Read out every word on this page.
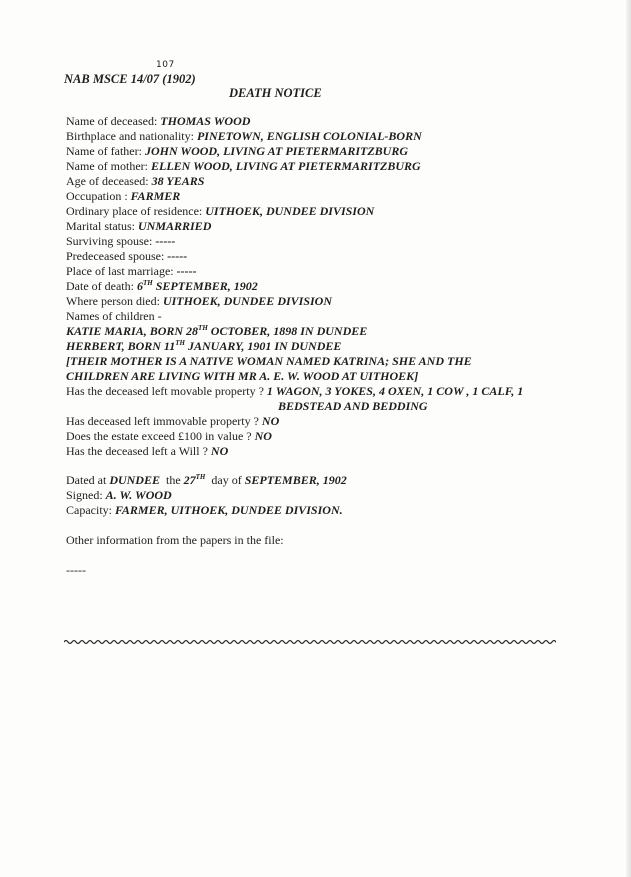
107
NAB MSCE 14/07 (1902)
DEATH NOTICE
Name of deceased: THOMAS WOOD
Birthplace and nationality: PINETOWN, ENGLISH COLONIAL-BORN
Name of father: JOHN WOOD, LIVING AT PIETERMARITZBURG
Name of mother: ELLEN WOOD, LIVING AT PIETERMARITZBURG
Age of deceased: 38 YEARS
Occupation : FARMER
Ordinary place of residence: UITHOEK, DUNDEE DIVISION
Marital status: UNMARRIED
Surviving spouse: -----
Predeceased spouse: -----
Place of last marriage: -----
Date of death: 6TH SEPTEMBER, 1902
Where person died: UITHOEK, DUNDEE DIVISION
Names of children -
KATIE MARIA, BORN 28TH OCTOBER, 1898 IN DUNDEE
HERBERT, BORN 11TH JANUARY, 1901 IN DUNDEE
[THEIR MOTHER IS A NATIVE WOMAN NAMED KATRINA; SHE AND THE
CHILDREN ARE LIVING WITH MR A. E. W. WOOD AT UITHOEK]
Has the deceased left movable property ? 1 WAGON, 3 YOKES, 4 OXEN, 1 COW , 1 CALF, 1
BEDSTEAD AND BEDDING
Has deceased left immovable property ? NO
Does the estate exceed £100 in value ? NO
Has the deceased left a Will ? NO
Dated at DUNDEE  the 27TH  day of SEPTEMBER, 1902
Signed: A. W. WOOD
Capacity: FARMER, UITHOEK, DUNDEE DIVISION.
Other information from the papers in the file:
-----
